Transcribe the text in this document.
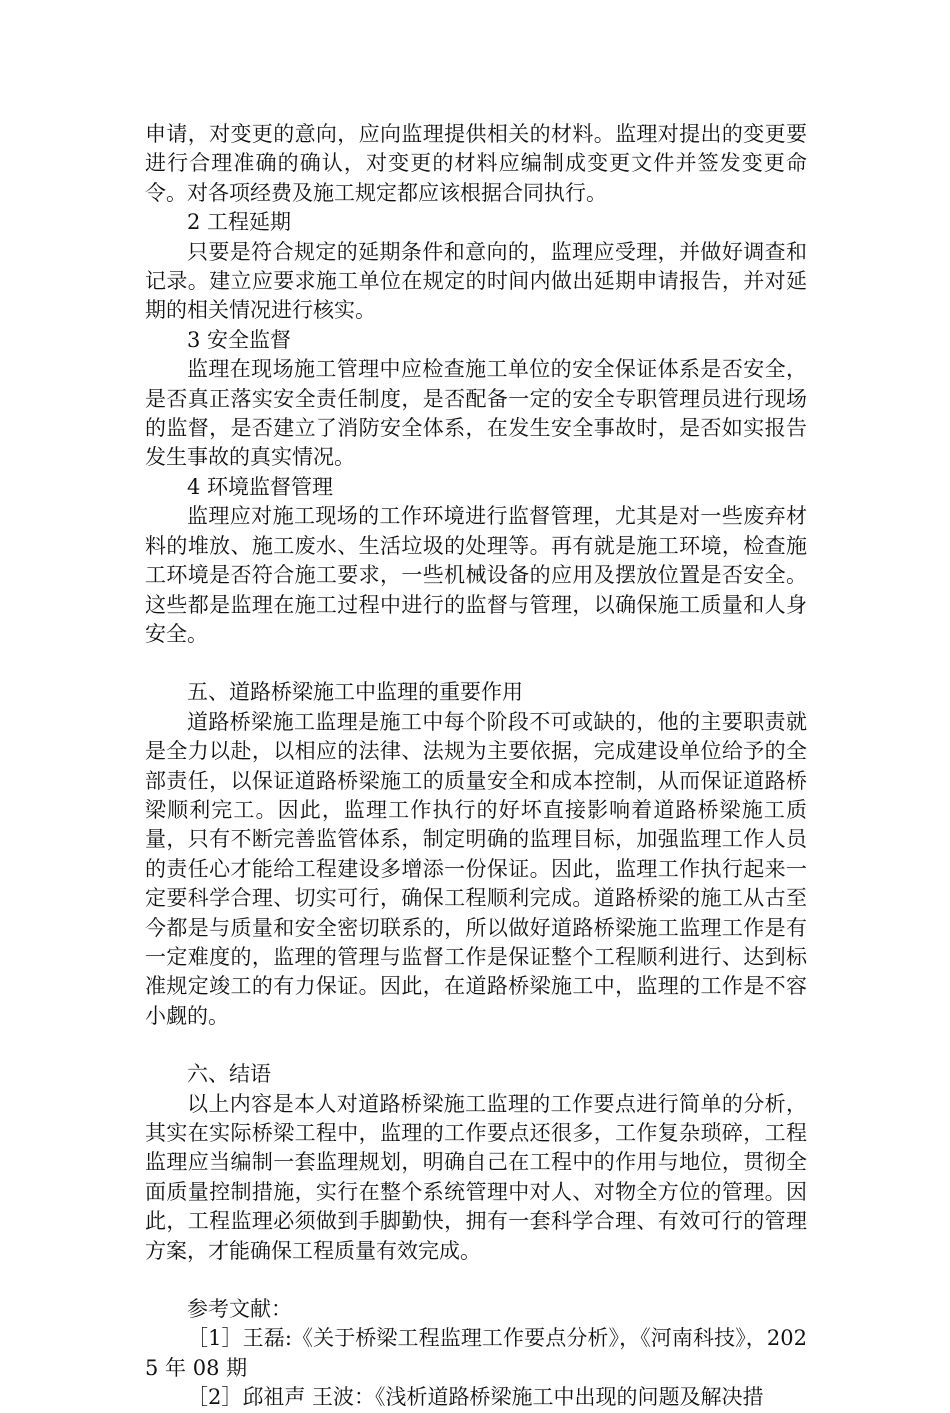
申请，对变更的意向，应向监理提供相关的材料。监理对提出的变更要进行合理准确的确认，对变更的材料应编制成变更文件并签发变更命令。对各项经费及施工规定都应该根据合同执行。

2 工程延期

只要是符合规定的延期条件和意向的，监理应受理，并做好调查和记录。建立应要求施工单位在规定的时间内做出延期申请报告，并对延期的相关情况进行核实。

3 安全监督

监理在现场施工管理中应检查施工单位的安全保证体系是否安全，是否真正落实安全责任制度，是否配备一定的安全专职管理员进行现场的监督，是否建立了消防安全体系，在发生安全事故时，是否如实报告发生事故的真实情况。

4 环境监督管理

监理应对施工现场的工作环境进行监督管理，尤其是对一些废弃材料的堆放、施工废水、生活垃圾的处理等。再有就是施工环境，检查施工环境是否符合施工要求，一些机械设备的应用及摆放位置是否安全。这些都是监理在施工过程中进行的监督与管理，以确保施工质量和人身安全。

五、道路桥梁施工中监理的重要作用

道路桥梁施工监理是施工中每个阶段不可或缺的，他的主要职责就是全力以赴，以相应的法律、法规为主要依据，完成建设单位给予的全部责任，以保证道路桥梁施工的质量安全和成本控制，从而保证道路桥梁顺利完工。因此，监理工作执行的好坏直接影响着道路桥梁施工质量，只有不断完善监管体系，制定明确的监理目标，加强监理工作人员的责任心才能给工程建设多增添一份保证。因此，监理工作执行起来一定要科学合理、切实可行，确保工程顺利完成。道路桥梁的施工从古至今都是与质量和安全密切联系的，所以做好道路桥梁施工监理工作是有一定难度的，监理的管理与监督工作是保证整个工程顺利进行、达到标准规定竣工的有力保证。因此，在道路桥梁施工中，监理的工作是不容小觑的。

六、结语

以上内容是本人对道路桥梁施工监理的工作要点进行简单的分析，其实在实际桥梁工程中，监理的工作要点还很多，工作复杂琐碎，工程监理应当编制一套监理规划，明确自己在工程中的作用与地位，贯彻全面质量控制措施，实行在整个系统管理中对人、对物全方位的管理。因此，工程监理必须做到手脚勤快，拥有一套科学合理、有效可行的管理方案，才能确保工程质量有效完成。

参考文献：

［1］王磊:《关于桥梁工程监理工作要点分析》，《河南科技》，2025 年 08 期

［2］邱祖声 王波：《浅析道路桥梁施工中出现的问题及解决措
